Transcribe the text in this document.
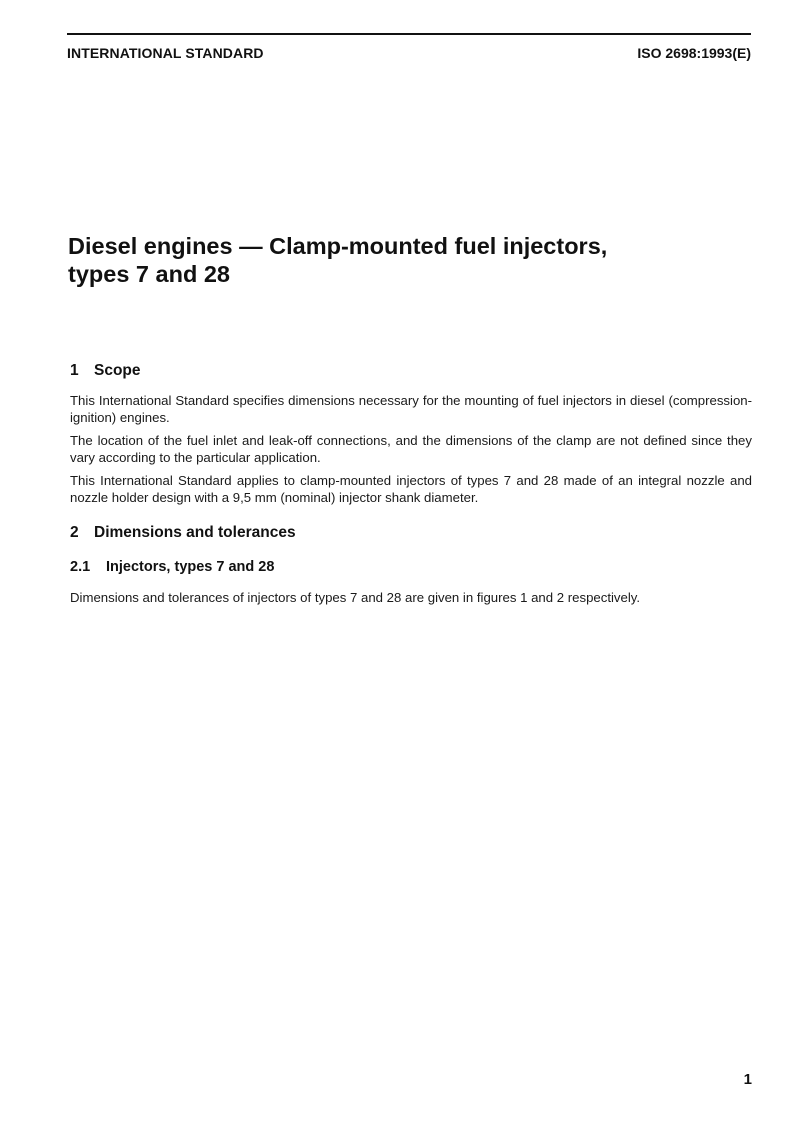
INTERNATIONAL STANDARD	ISO 2698:1993(E)
Diesel engines — Clamp-mounted fuel injectors,
types 7 and 28
1 Scope

This International Standard specifies dimensions necessary for the mounting of fuel injectors in diesel (compression-ignition) engines.

The location of the fuel inlet and leak-off connections, and the dimensions of the clamp are not defined since they vary according to the particular application.

This International Standard applies to clamp-mounted injectors of types 7 and 28 made of an integral nozzle and nozzle holder design with a 9,5 mm (nominal) injector shank diameter.

2 Dimensions and tolerances
2.1 Injectors, types 7 and 28

Dimensions and tolerances of injectors of types 7 and 28 are given in figures 1 and 2 respectively.

1
